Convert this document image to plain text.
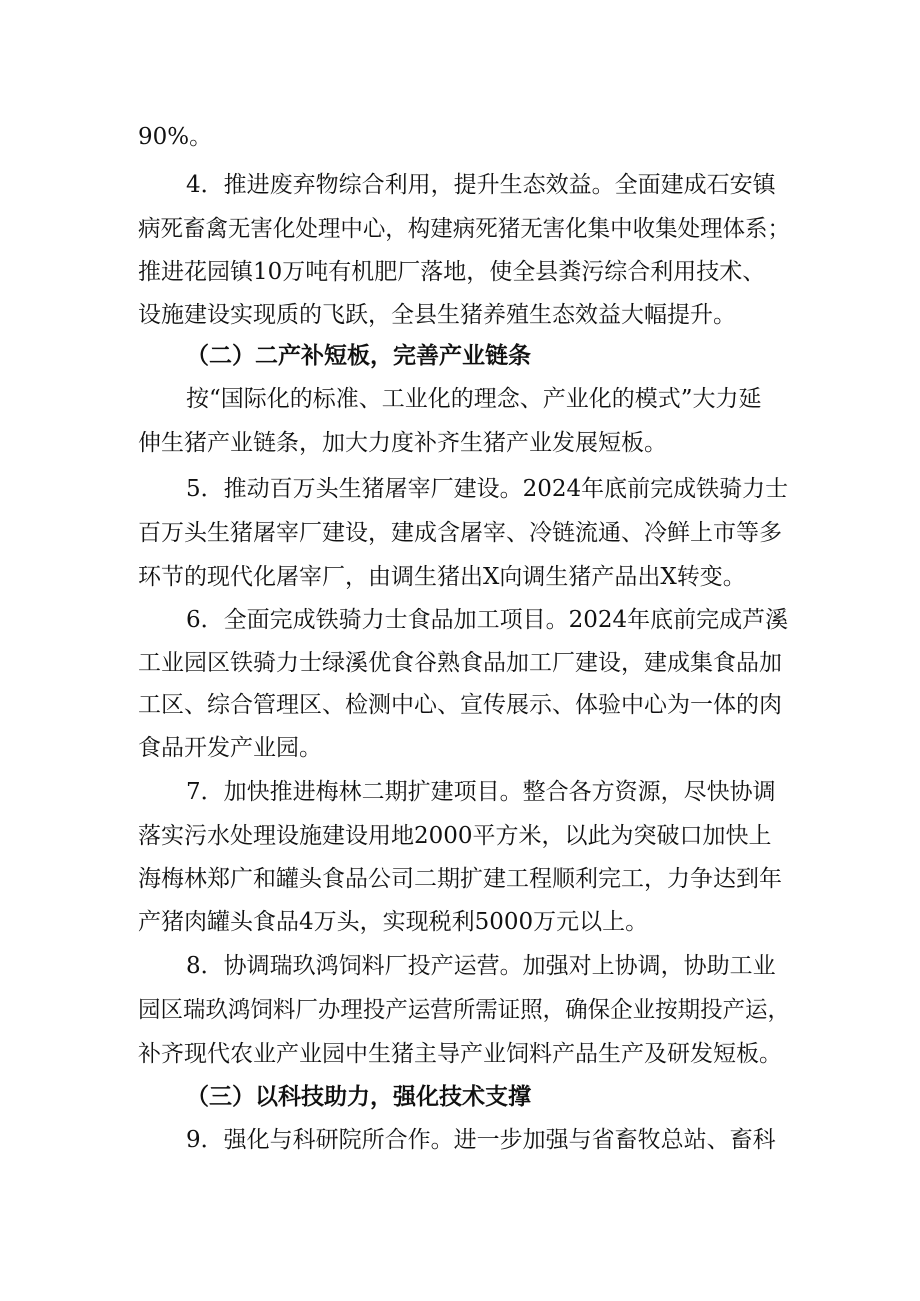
90%。
4．推进废弃物综合利用，提升生态效益。全面建成石安镇
病死畜禽无害化处理中心，构建病死猪无害化集中收集处理体系；
推进花园镇10万吨有机肥厂落地，使全县粪污综合利用技术、
设施建设实现质的飞跃，全县生猪养殖生态效益大幅提升。
（二）二产补短板，完善产业链条
按“国际化的标准、工业化的理念、产业化的模式”大力延
伸生猪产业链条，加大力度补齐生猪产业发展短板。
5．推动百万头生猪屠宰厂建设。2024年底前完成铁骑力士
百万头生猪屠宰厂建设，建成含屠宰、冷链流通、冷鲜上市等多
环节的现代化屠宰厂，由调生猪出X向调生猪产品出X转变。
6．全面完成铁骑力士食品加工项目。2024年底前完成芦溪
工业园区铁骑力士绿溪优食谷熟食品加工厂建设，建成集食品加
工区、综合管理区、检测中心、宣传展示、体验中心为一体的肉
食品开发产业园。
7．加快推进梅林二期扩建项目。整合各方资源，尽快协调
落实污水处理设施建设用地2000平方米，以此为突破口加快上
海梅林郑广和罐头食品公司二期扩建工程顺利完工，力争达到年
产猪肉罐头食品4万头，实现税利5000万元以上。
8．协调瑞玖鸿饲料厂投产运营。加强对上协调，协助工业
园区瑞玖鸿饲料厂办理投产运营所需证照，确保企业按期投产运，
补齐现代农业产业园中生猪主导产业饲料产品生产及研发短板。
（三）以科技助力，强化技术支撑
9．强化与科研院所合作。进一步加强与省畜牧总站、畜科
